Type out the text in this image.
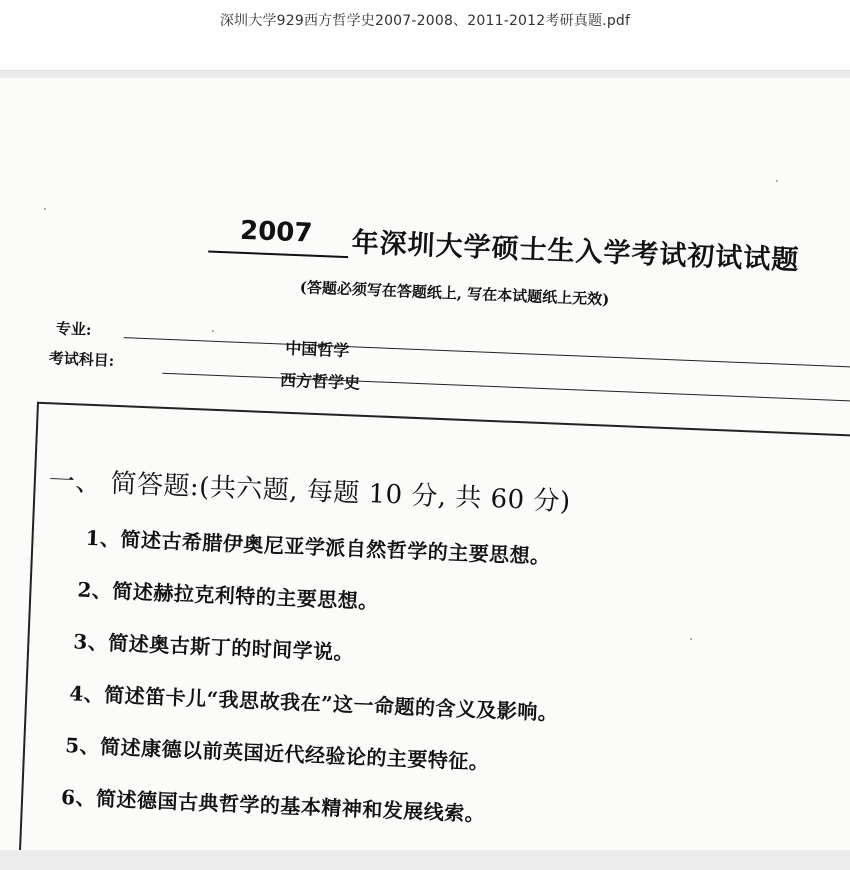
深圳大学929西方哲学史2007-2008、2011-2012考研真题.pdf
2007 年深圳大学硕士生入学考试初试试题
(答题必须写在答题纸上, 写在本试题纸上无效)
专业:
中国哲学
考试科目:
西方哲学史
一、 简答题:(共六题, 每题 10 分, 共 60 分)
1、简述古希腊伊奥尼亚学派自然哲学的主要思想。
2、简述赫拉克利特的主要思想。
3、简述奥古斯丁的时间学说。
4、简述笛卡儿“我思故我在”这一命题的含义及影响。
5、简述康德以前英国近代经验论的主要特征。
6、简述德国古典哲学的基本精神和发展线索。
